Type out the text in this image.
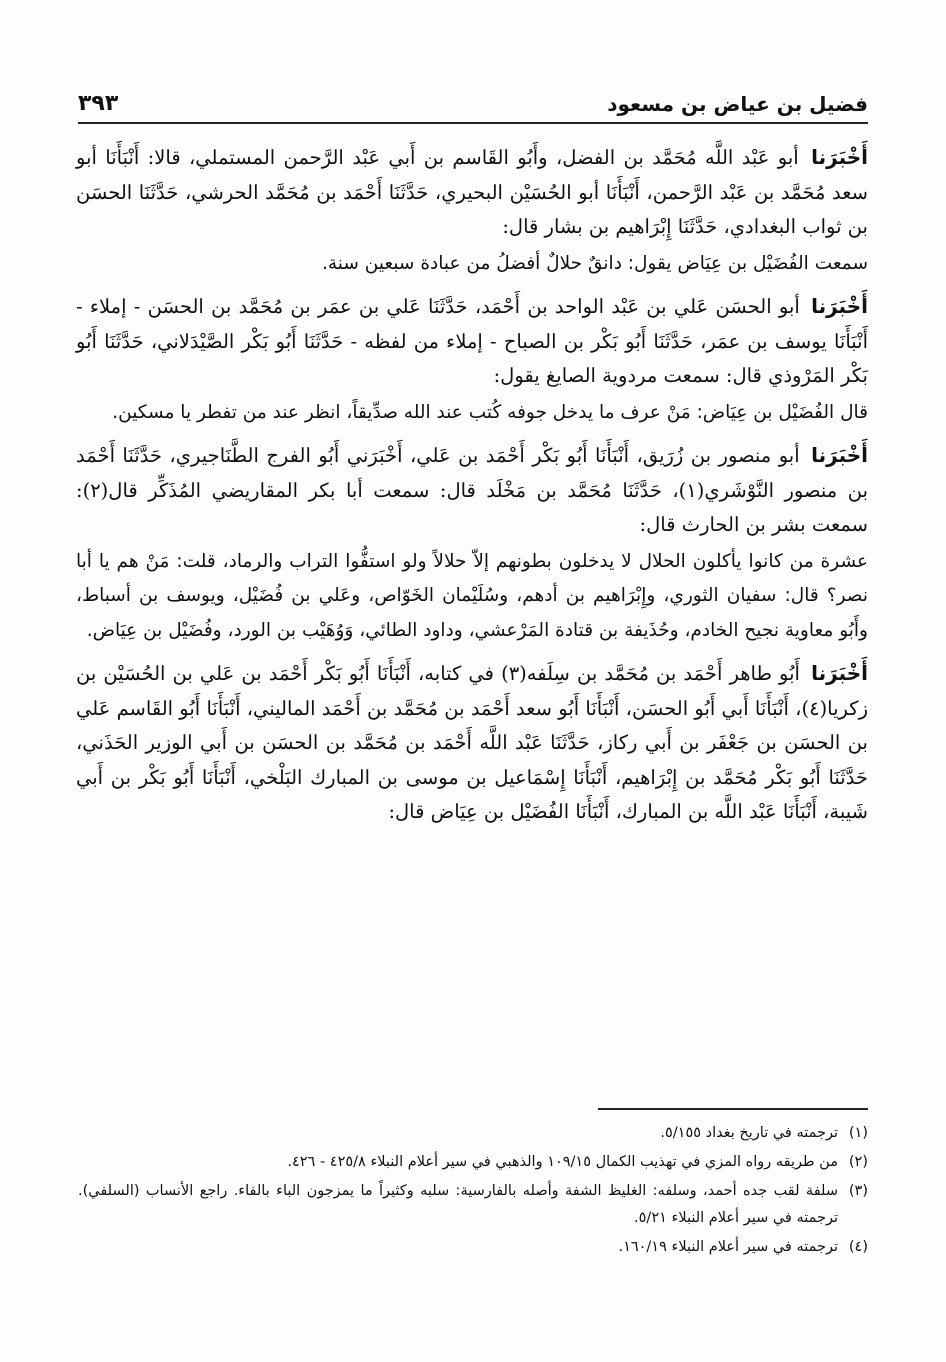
فضيل بن عياض بن مسعود
٣٩٣

أَخْبَرَنا أبو عَبْد اللَّه مُحَمَّد بن الفضل، وأَبُو القَاسم بن أَبي عَبْد الرَّحمن المستملي، قالا: أَنْبَأَنَا أبو سعد مُحَمَّد بن عَبْد الرَّحمن، أَنْبَأَنَا أبو الحُسَيْن البحيري، حَدَّثَنَا أَحْمَد بن مُحَمَّد الحرشي، حَدَّثَنَا الحسَن بن ثواب البغدادي، حَدَّثَنَا إِبْرَاهيم بن بشار قال:

سمعت الفُضَيْل بن عِيَاض يقول: دانقٌ حلالٌ أفضلُ من عبادة سبعين سنة.

أَخْبَرَنا أبو الحسَن عَلي بن عَبْد الواحد بن أَحْمَد، حَدَّثَنَا عَلي بن عمَر بن مُحَمَّد بن الحسَن - إملاء - أَنْبَأَنَا يوسف بن عمَر، حَدَّثَنَا أَبُو بَكْر بن الصباح - إملاء من لفظه - حَدَّثَنَا أَبُو بَكْر الصَّيْدَلاني، حَدَّثَنَا أَبُو بَكْر المَرْوذي قال: سمعت مردوية الصايغ يقول:

قال الفُضَيْل بن عِيَاض: مَنْ عرف ما يدخل جوفه كُتب عند الله صدِّيقاً، انظر عند من تفطر يا مسكين.

أَخْبَرَنا أبو منصور بن زُرَيق، أَنْبَأَنَا أَبُو بَكْر أَحْمَد بن عَلي، أَخْبَرَني أَبُو الفرج الطَّنَاجيري، حَدَّثَنَا أَحْمَد بن منصور النَّوْشَري(١)، حَدَّثَنَا مُحَمَّد بن مَخْلَد قال: سمعت أبا بكر المقاريضي المُذَكِّر قال(٢): سمعت بشر بن الحارث قال:

عشرة من كانوا يأكلون الحلال لا يدخلون بطونهم إلاّ حلالاً ولو استفُّوا التراب والرماد، قلت: مَنْ هم يا أبا نصر؟ قال: سفيان الثوري، وإِبْرَاهيم بن أدهم، وسُلَيْمان الخَوّاص، وعَلي بن فُضَيْل، ويوسف بن أسباط، وأَبُو معاوية نجيح الخادم، وحُذَيفة بن قتادة المَرْعشي، وداود الطائي، وَوُهَيْب بن الورد، وفُضَيْل بن عِيَاض.

أَخْبَرَنا أَبُو طاهر أَحْمَد بن مُحَمَّد بن سِلَفه(٣) في كتابه، أَنْبَأَنَا أَبُو بَكْر أَحْمَد بن عَلي بن الحُسَيْن بن زكريا(٤)، أَنْبَأَنَا أَبي أَبُو الحسَن، أَنْبَأَنَا أَبُو سعد أَحْمَد بن مُحَمَّد بن أَحْمَد الماليني، أَنْبَأَنَا أَبُو القَاسم عَلي بن الحسَن بن جَعْفَر بن أَبي ركاز، حَدَّثَنَا عَبْد اللَّه أَحْمَد بن مُحَمَّد بن الحسَن بن أَبي الوزير الحَذَني، حَدَّثَنَا أَبُو بَكْر مُحَمَّد بن إِبْرَاهيم، أَنْبَأَنَا إِسْمَاعيل بن موسى بن المبارك البَلْخي، أَنْبَأَنَا أَبُو بَكْر بن أَبي شَيبة، أَنْبَأَنَا عَبْد اللَّه بن المبارك، أَنْبَأَنَا الفُضَيْل بن عِيَاض قال:

(١)
ترجمته في تاريخ بغداد ٥/١٥٥.
(٢)
من طريقه رواه المزي في تهذيب الكمال ١٠٩/١٥ والذهبي في سير أعلام النبلاء ٤٢٥/٨ - ٤٢٦.
(٣)
سلفة لقب جده أحمد، وسلفه: الغليظ الشفة وأصله بالفارسية: سلبه وكثيراً ما يمزجون الباء بالفاء. راجع الأنساب (السلفي). ترجمته في سير أعلام النبلاء ٥/٢١.
(٤)
ترجمته في سير أعلام النبلاء ١٦٠/١٩.
